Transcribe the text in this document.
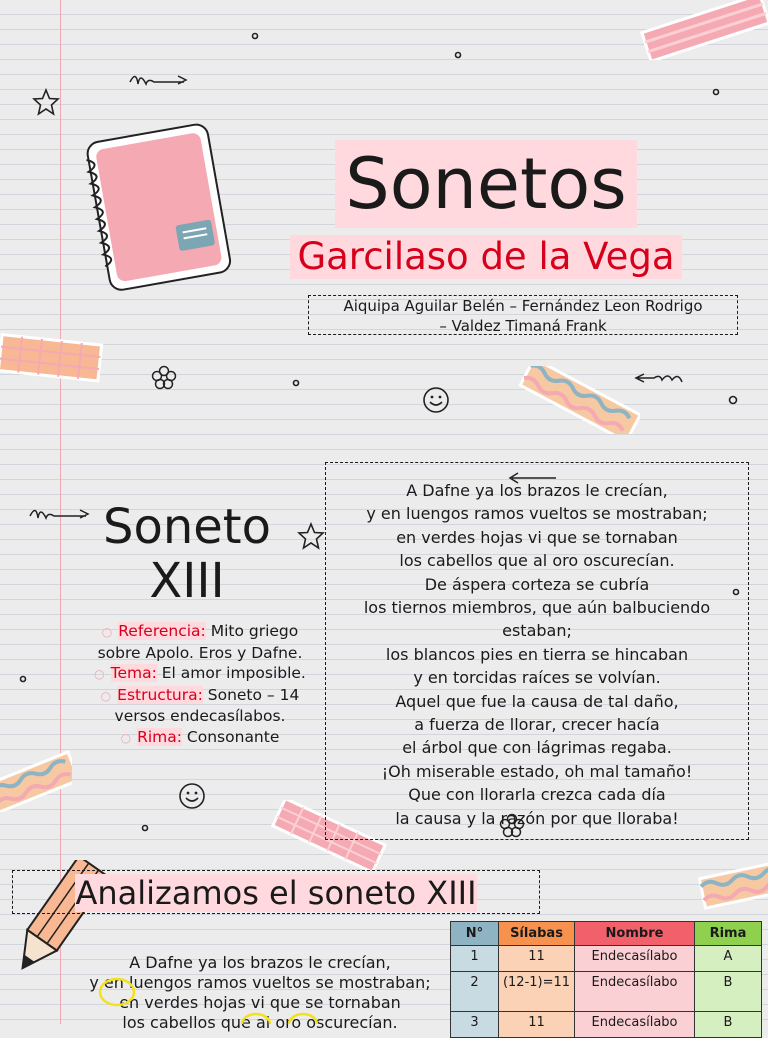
Sonetos
Garcilaso de la Vega
Aiquipa Aguilar Belén – Fernández Leon Rodrigo
– Valdez Timaná Frank
Soneto
XIII
○ Referencia: Mito griego sobre Apolo. Eros y Dafne.
○ Tema: El amor imposible.
○ Estructura: Soneto – 14 versos endecasílabos.
○ Rima: Consonante
A Dafne ya los brazos le crecían,
y en luengos ramos vueltos se mostraban;
en verdes hojas vi que se tornaban
los cabellos que al oro oscurecían.
De áspera corteza se cubría
los tiernos miembros, que aún balbuciendo
estaban;
los blancos pies en tierra se hincaban
y en torcidas raíces se volvían.
Aquel que fue la causa de tal daño,
a fuerza de llorar, crecer hacía
el árbol que con lágrimas regaba.
¡Oh miserable estado, oh mal tamaño!
Que con llorarla crezca cada día
la causa y la razón por que lloraba!
Analizamos el soneto XIII
A Dafne ya los brazos le crecían,
y en luengos ramos vueltos se mostraban;
en verdes hojas vi que se tornaban
los cabellos que al oro oscurecían.
N°	Sílabas	Nombre	Rima
1	11	Endecasílabo	A
2	(12-1)=11	Endecasílabo	B
3	11	Endecasílabo	B
